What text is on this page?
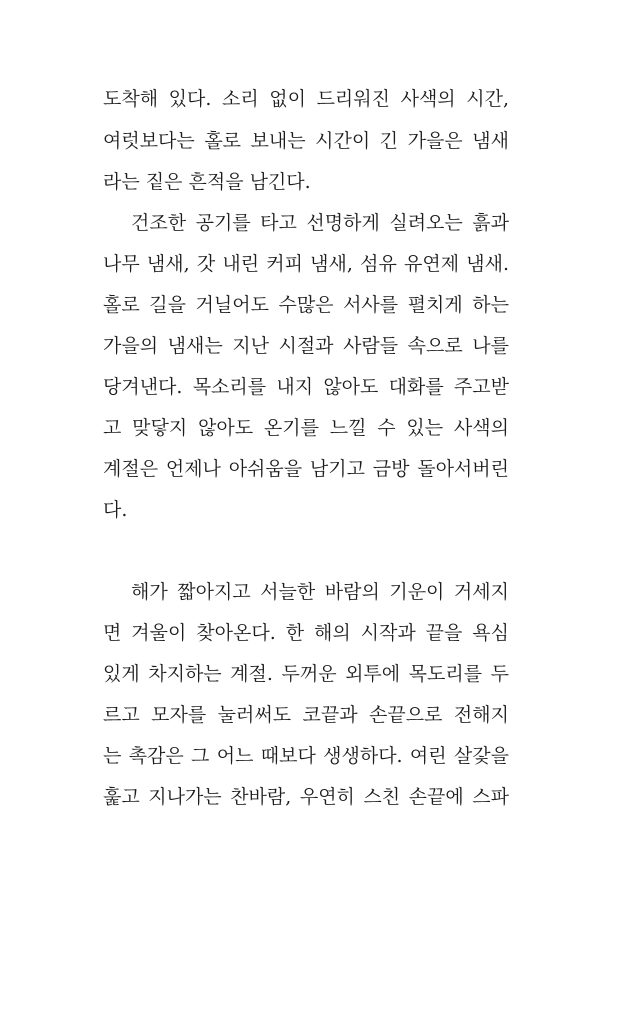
도착해 있다. 소리 없이 드리워진 사색의 시간,
여럿보다는 홀로 보내는 시간이 긴 가을은 냄새
라는 짙은 흔적을 남긴다.
건조한 공기를 타고 선명하게 실려오는 흙과
나무 냄새, 갓 내린 커피 냄새, 섬유 유연제 냄새.
홀로 길을 거닐어도 수많은 서사를 펼치게 하는
가을의 냄새는 지난 시절과 사람들 속으로 나를
당겨낸다. 목소리를 내지 않아도 대화를 주고받
고 맞닿지 않아도 온기를 느낄 수 있는 사색의
계절은 언제나 아쉬움을 남기고 금방 돌아서버린
다.
해가 짧아지고 서늘한 바람의 기운이 거세지
면 겨울이 찾아온다. 한 해의 시작과 끝을 욕심
있게 차지하는 계절. 두꺼운 외투에 목도리를 두
르고 모자를 눌러써도 코끝과 손끝으로 전해지
는 촉감은 그 어느 때보다 생생하다. 여린 살갗을
훑고 지나가는 찬바람, 우연히 스친 손끝에 스파
